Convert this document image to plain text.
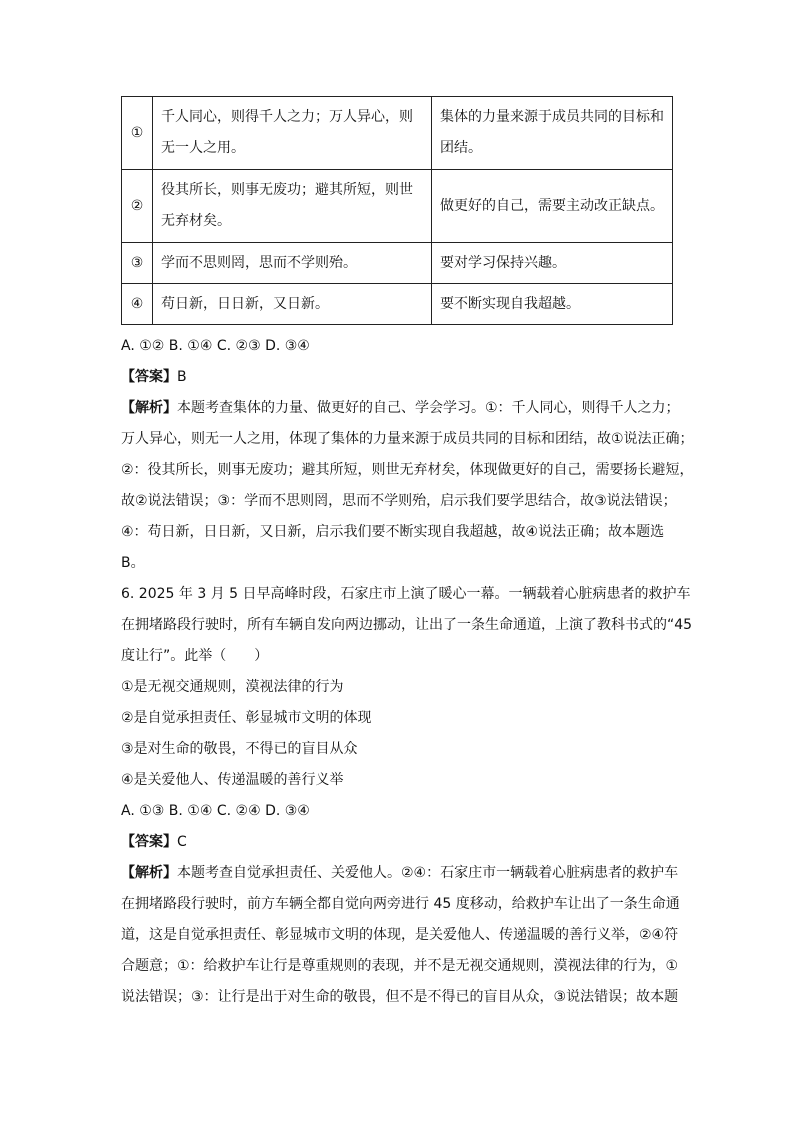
①	千人同心，则得千人之力；万人异心，则无一人之用。	集体的力量来源于成员共同的目标和团结。
②	役其所长，则事无废功；避其所短，则世无弃材矣。	做更好的自己，需要主动改正缺点。
③	学而不思则罔，思而不学则殆。	要对学习保持兴趣。
④	苟日新，日日新，又日新。	要不断实现自我超越。
A. ①② B. ①④ C. ②③ D. ③④
【答案】B
【解析】本题考查集体的力量、做更好的自己、学会学习。①：千人同心，则得千人之力；
万人异心，则无一人之用，体现了集体的力量来源于成员共同的目标和团结，故①说法正确；
②：役其所长，则事无废功；避其所短，则世无弃材矣，体现做更好的自己，需要扬长避短，
故②说法错误；③：学而不思则罔，思而不学则殆，启示我们要学思结合，故③说法错误；
④：苟日新，日日新，又日新，启示我们要不断实现自我超越，故④说法正确；故本题选
B。
6. 2025 年 3 月 5 日早高峰时段，石家庄市上演了暖心一幕。一辆载着心脏病患者的救护车
在拥堵路段行驶时，所有车辆自发向两边挪动，让出了一条生命通道，上演了教科书式的“45
度让行”。此举（　　）
①是无视交通规则，漠视法律的行为
②是自觉承担责任、彰显城市文明的体现
③是对生命的敬畏，不得已的盲目从众
④是关爱他人、传递温暖的善行义举
A. ①③ B. ①④ C. ②④ D. ③④
【答案】C
【解析】本题考查自觉承担责任、关爱他人。②④：石家庄市一辆载着心脏病患者的救护车
在拥堵路段行驶时，前方车辆全都自觉向两旁进行 45 度移动，给救护车让出了一条生命通
道，这是自觉承担责任、彰显城市文明的体现，是关爱他人、传递温暖的善行义举，②④符
合题意；①：给救护车让行是尊重规则的表现，并不是无视交通规则，漠视法律的行为，①
说法错误；③：让行是出于对生命的敬畏，但不是不得已的盲目从众，③说法错误；故本题
